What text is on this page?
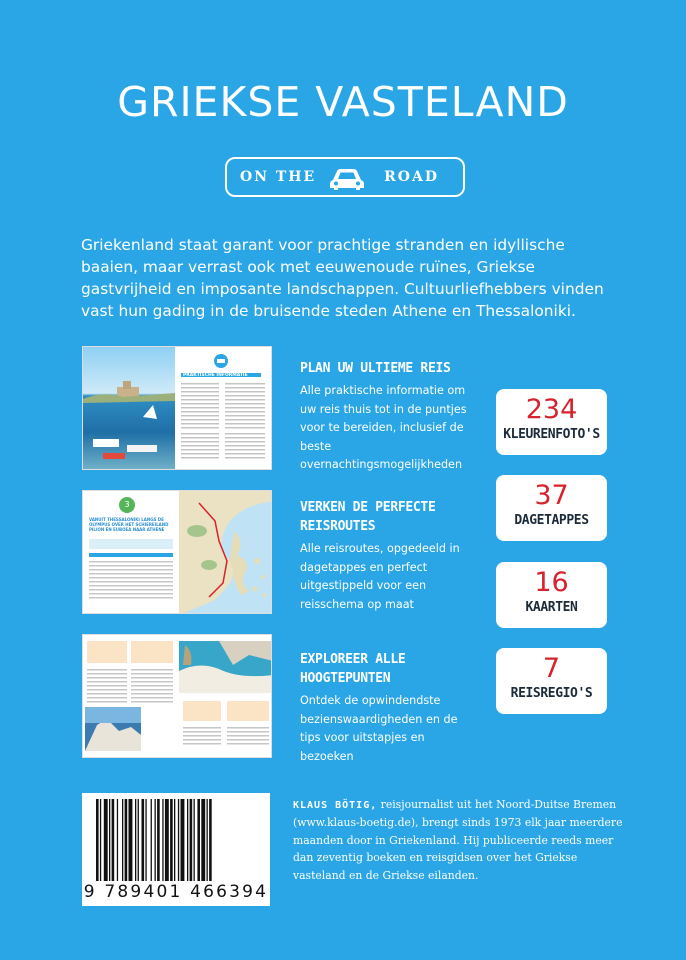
GRIEKSE VASTELAND
ON THE	ROAD
Griekenland staat garant voor prachtige stranden en idyllische baaien, maar verrast ook met eeuwenoude ruïnes, Griekse gastvrijheid en imposante landschappen. Cultuurliefhebbers vinden vast hun gading in de bruisende steden Athene en Thessaloniki.
PRAKTISCHE INFORMATIE
3
VANUIT THESSALONIKI LANGS DE OLYMPUS OVER HET SCHIEREILAND PILION EN EUBOEA NAAR ATHENE
PLAN UW ULTIEME REIS
Alle praktische informatie om uw reis thuis tot in de puntjes voor te bereiden, inclusief de beste overnachtingsmogelijkheden
VERKEN DE PERFECTE REISROUTES
Alle reisroutes, opgedeeld in dagetappes en perfect uitgestippeld voor een reisschema op maat
EXPLOREER ALLE HOOGTEPUNTEN
Ontdek de opwindendste bezienswaardigheden en de tips voor uitstapjes en bezoeken
234
KLEURENFOTO'S
37
DAGETAPPES
16
KAARTEN
7
REISREGIO'S
9 789401 466394
KLAUS BÖTIG, reisjournalist uit het Noord-Duitse Bremen (www.klaus-boetig.de), brengt sinds 1973 elk jaar meerdere maanden door in Griekenland. Hij publiceerde reeds meer dan zeventig boeken en reisgidsen over het Griekse vasteland en de Griekse eilanden.
